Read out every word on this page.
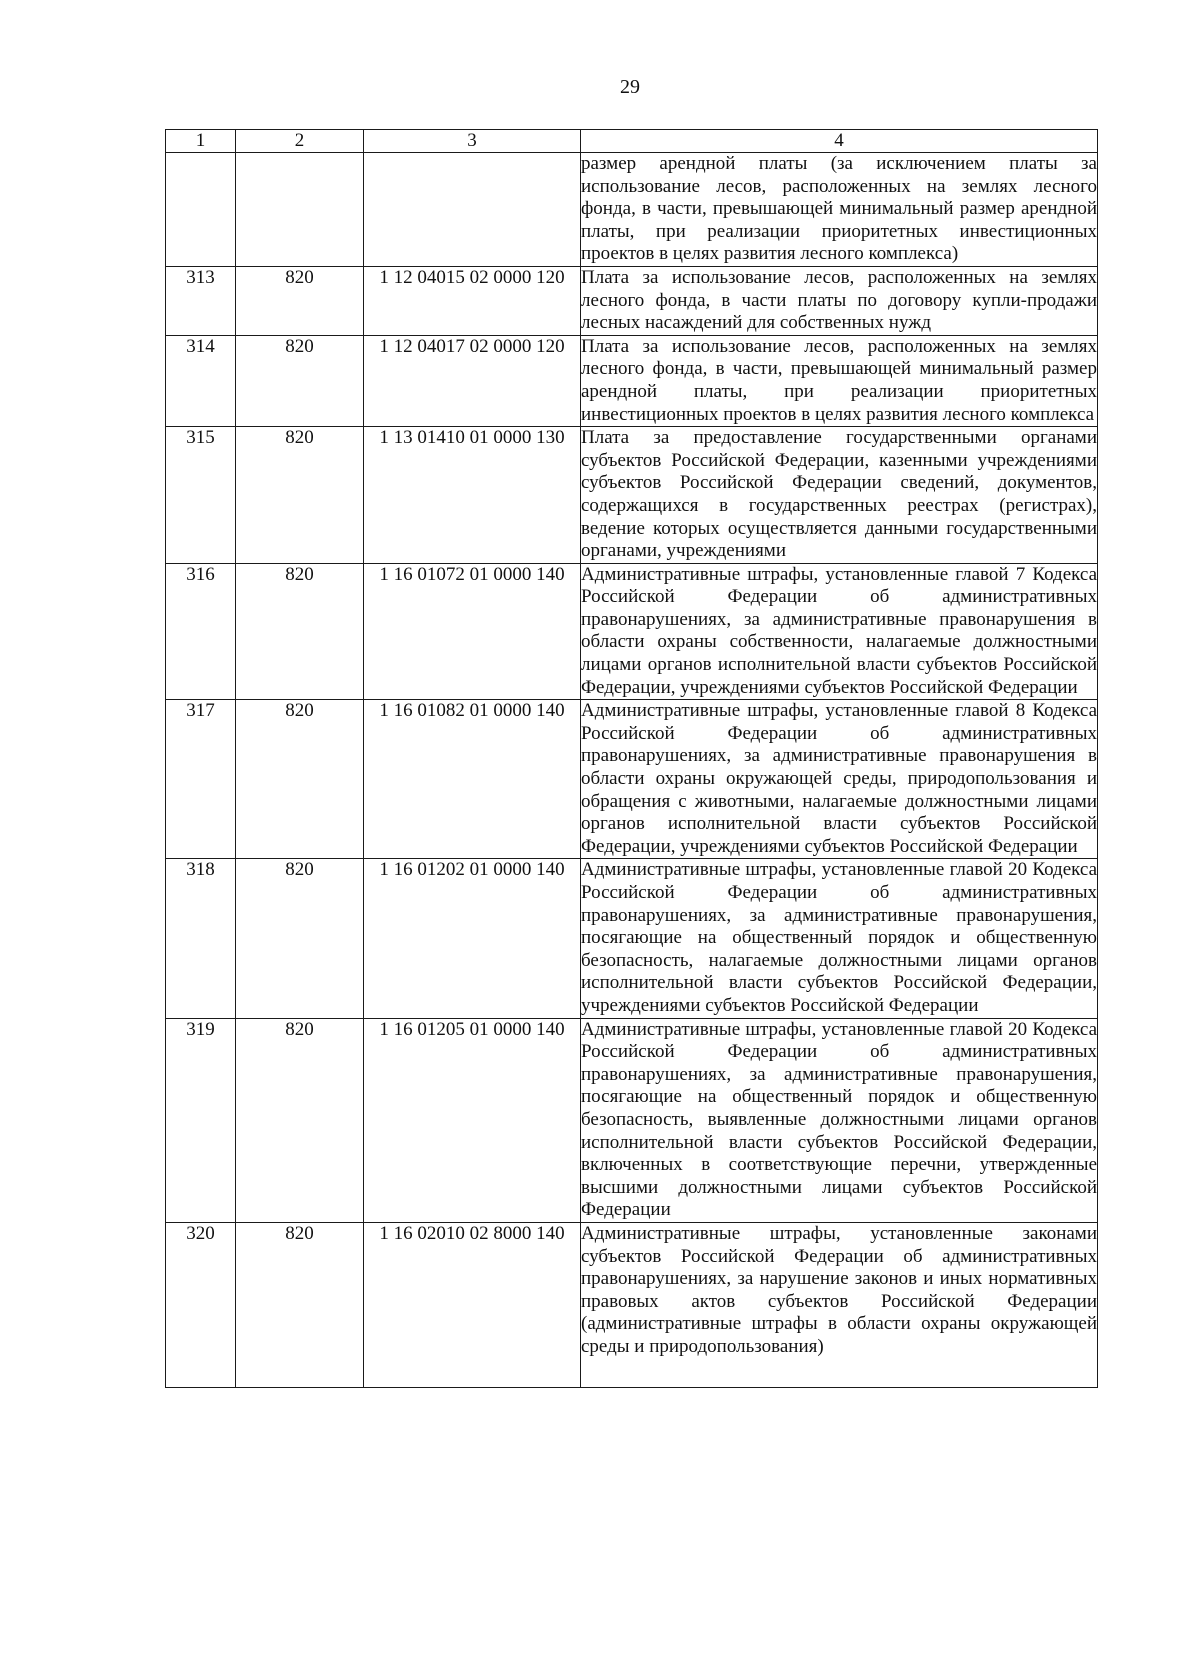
29
1	2	3	4
			размер арендной платы (за исключением платы за использование лесов, расположенных на землях лесного фонда, в части, превышающей минимальный размер арендной платы, при реализации приоритетных инвестиционных проектов в целях развития лесного комплекса)
313	820	1 12 04015 02 0000 120	Плата за использование лесов, расположенных на землях лесного фонда, в части платы по договору купли-продажи лесных насаждений для собственных нужд
314	820	1 12 04017 02 0000 120	Плата за использование лесов, расположенных на землях лесного фонда, в части, превышающей минимальный размер арендной платы, при реализации приоритетных инвестиционных проектов в целях развития лесного комплекса
315	820	1 13 01410 01 0000 130	Плата за предоставление государственными органами субъектов Российской Федерации, казенными учреждениями субъектов Российской Федерации сведений, документов, содержащихся в государственных реестрах (регистрах), ведение которых осуществляется данными государственными органами, учреждениями
316	820	1 16 01072 01 0000 140	Административные штрафы, установленные главой 7 Кодекса Российской Федерации об административных правонарушениях, за административные правонарушения в области охраны собственности, налагаемые должностными лицами органов исполнительной власти субъектов Российской Федерации, учреждениями субъектов Российской Федерации
317	820	1 16 01082 01 0000 140	Административные штрафы, установленные главой 8 Кодекса Российской Федерации об административных правонарушениях, за административные правонарушения в области охраны окружающей среды, природопользования и обращения с животными, налагаемые должностными лицами органов исполнительной власти субъектов Российской Федерации, учреждениями субъектов Российской Федерации
318	820	1 16 01202 01 0000 140	Административные штрафы, установленные главой 20 Кодекса Российской Федерации об административных правонарушениях, за административные правонарушения, посягающие на общественный порядок и общественную безопасность, налагаемые должностными лицами органов исполнительной власти субъектов Российской Федерации, учреждениями субъектов Российской Федерации
319	820	1 16 01205 01 0000 140	Административные штрафы, установленные главой 20 Кодекса Российской Федерации об административных правонарушениях, за административные правонарушения, посягающие на общественный порядок и общественную безопасность, выявленные должностными лицами органов исполнительной власти субъектов Российской Федерации, включенных в соответствующие перечни, утвержденные высшими должностными лицами субъектов Российской Федерации
320	820	1 16 02010 02 8000 140	Административные штрафы, установленные законами субъектов Российской Федерации об административных правонарушениях, за нарушение законов и иных нормативных правовых актов субъектов Российской Федерации (административные штрафы в области охраны окружающей среды и природопользования)
